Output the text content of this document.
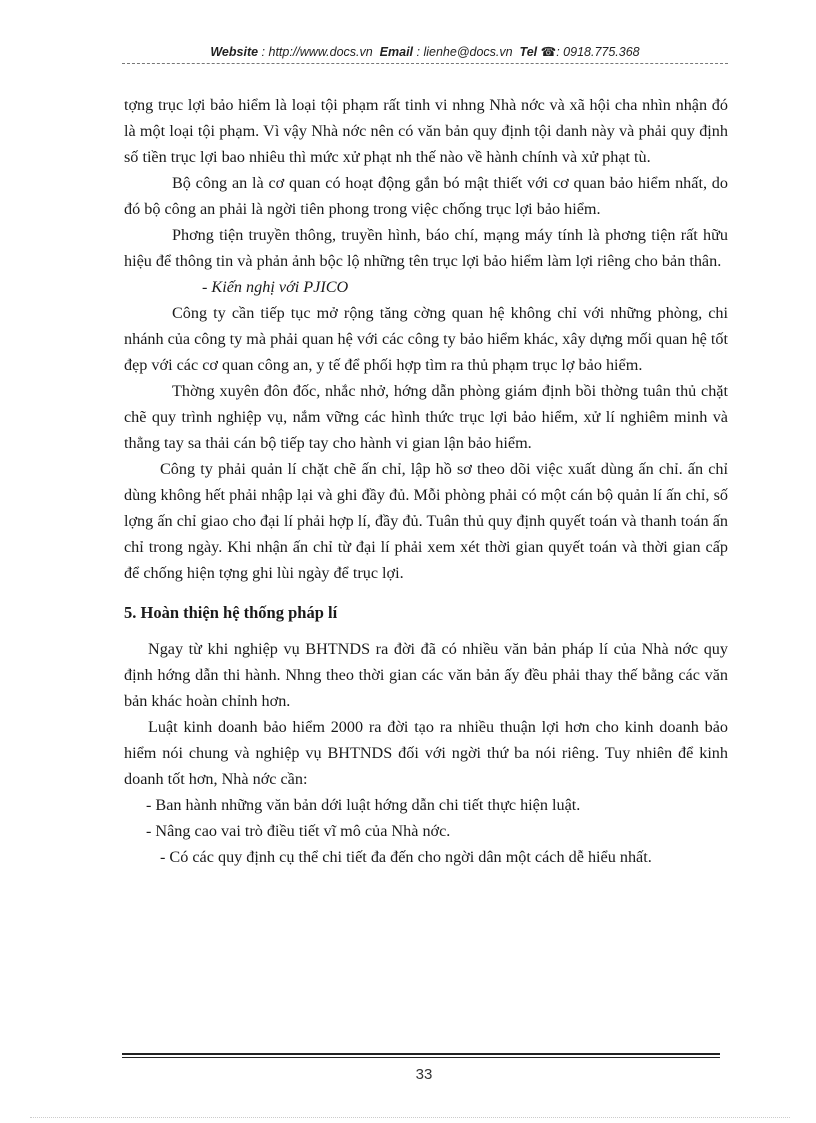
Website : http://www.docs.vn Email : lienhe@docs.vn Tel ☎: 0918.775.368

tợng trục lợi bảo hiểm là loại tội phạm rất tinh vi nhng Nhà nớc và xã hội cha nhìn nhận đó là một loại tội phạm. Vì vậy Nhà nớc nên có văn bản quy định tội danh này và phải quy định số tiền trục lợi bao nhiêu thì mức xử phạt nh thế nào về hành chính và xử phạt tù.

Bộ công an là cơ quan có hoạt động gắn bó mật thiết với cơ quan bảo hiểm nhất, do đó bộ công an phải là ngời tiên phong trong việc chống trục lợi bảo hiểm.

Phơng tiện truyền thông, truyền hình, báo chí, mạng máy tính là phơng tiện rất hữu hiệu để thông tin và phản ảnh bộc lộ những tên trục lợi bảo hiểm làm lợi riêng cho bản thân.

- Kiến nghị với PJICO

Công ty cần tiếp tục mở rộng tăng cờng quan hệ không chỉ với những phòng, chi nhánh của công ty mà phải quan hệ với các công ty bảo hiểm khác, xây dựng mối quan hệ tốt đẹp với các cơ quan công an, y tế để phối hợp tìm ra thủ phạm trục lợ bảo hiểm.

Thờng xuyên đôn đốc, nhắc nhở, hớng dẫn phòng giám định bồi thờng tuân thủ chặt chẽ quy trình nghiệp vụ, nắm vững các hình thức trục lợi bảo hiểm, xử lí nghiêm minh và thẳng tay sa thải cán bộ tiếp tay cho hành vi gian lận bảo hiểm.

Công ty phải quản lí chặt chẽ ấn chỉ, lập hồ sơ theo dõi việc xuất dùng ấn chỉ. ấn chỉ dùng không hết phải nhập lại và ghi đầy đủ. Mỗi phòng phải có một cán bộ quản lí ấn chỉ, số lợng ấn chỉ giao cho đại lí phải hợp lí, đầy đủ. Tuân thủ quy định quyết toán và thanh toán ấn chỉ trong ngày. Khi nhận ấn chỉ từ đại lí phải xem xét thời gian quyết toán và thời gian cấp để chống hiện tợng ghi lùi ngày để trục lợi.

5. Hoàn thiện hệ thống pháp lí

Ngay từ khi nghiệp vụ BHTNDS ra đời đã có nhiều văn bản pháp lí của Nhà nớc quy định hớng dẫn thi hành. Nhng theo thời gian các văn bản ấy đều phải thay thế bằng các văn bản khác hoàn chỉnh hơn.

Luật kinh doanh bảo hiểm 2000 ra đời tạo ra nhiều thuận lợi hơn cho kinh doanh bảo hiểm nói chung và nghiệp vụ BHTNDS đối với ngời thứ ba nói riêng. Tuy nhiên để kinh doanh tốt hơn, Nhà nớc cần:

- Ban hành những văn bản dới luật hớng dẫn chi tiết thực hiện luật.

- Nâng cao vai trò điều tiết vĩ mô của Nhà nớc.

- Có các quy định cụ thể chi tiết đa đến cho ngời dân một cách dễ hiểu nhất.

33
